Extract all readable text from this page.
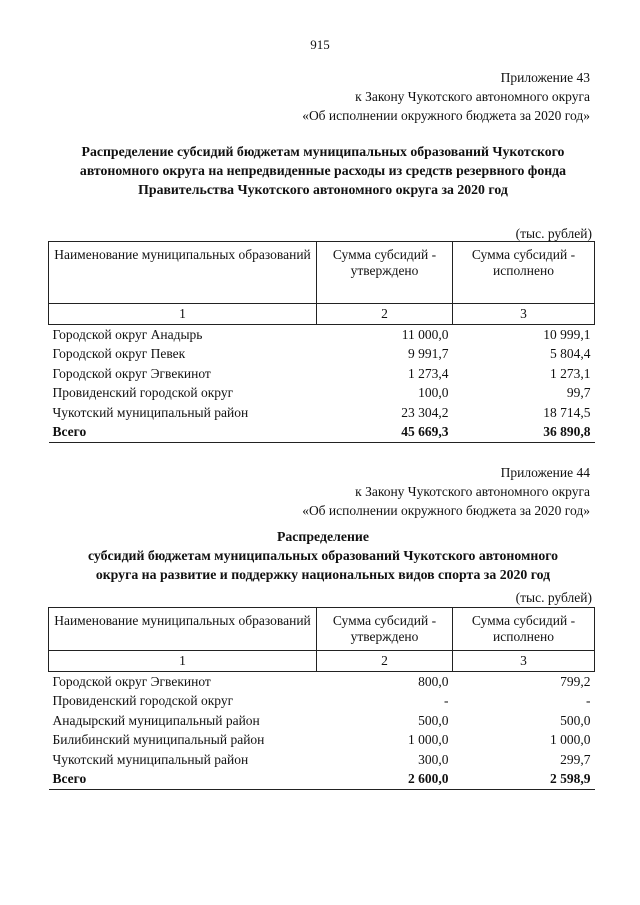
915
Приложение 43
к Закону Чукотского автономного округа
«Об исполнении окружного бюджета за 2020 год»
Распределение субсидий бюджетам муниципальных образований Чукотского
автономного округа на непредвиденные расходы из средств резервного фонда
Правительства Чукотского автономного округа за 2020 год
(тыс. рублей)
Наименование муниципальных образований	Сумма субсидий - утверждено	Сумма субсидий - исполнено
1	2	3
Городской округ Анадырь	11 000,0	10 999,1
Городской округ Певек	9 991,7	5 804,4
Городской округ Эгвекинот	1 273,4	1 273,1
Провиденский городской округ	100,0	99,7
Чукотский муниципальный район	23 304,2	18 714,5
Всего	45 669,3	36 890,8
Приложение 44
к Закону Чукотского автономного округа
«Об исполнении окружного бюджета за 2020 год»
Распределение
субсидий бюджетам муниципальных образований Чукотского автономного
округа на развитие и поддержку национальных видов спорта за 2020 год
(тыс. рублей)
Наименование муниципальных образований	Сумма субсидий - утверждено	Сумма субсидий - исполнено
1	2	3
Городской округ Эгвекинот	800,0	799,2
Провиденский городской округ	-	-
Анадырский муниципальный район	500,0	500,0
Билибинский муниципальный район	1 000,0	1 000,0
Чукотский муниципальный район	300,0	299,7
Всего	2 600,0	2 598,9
